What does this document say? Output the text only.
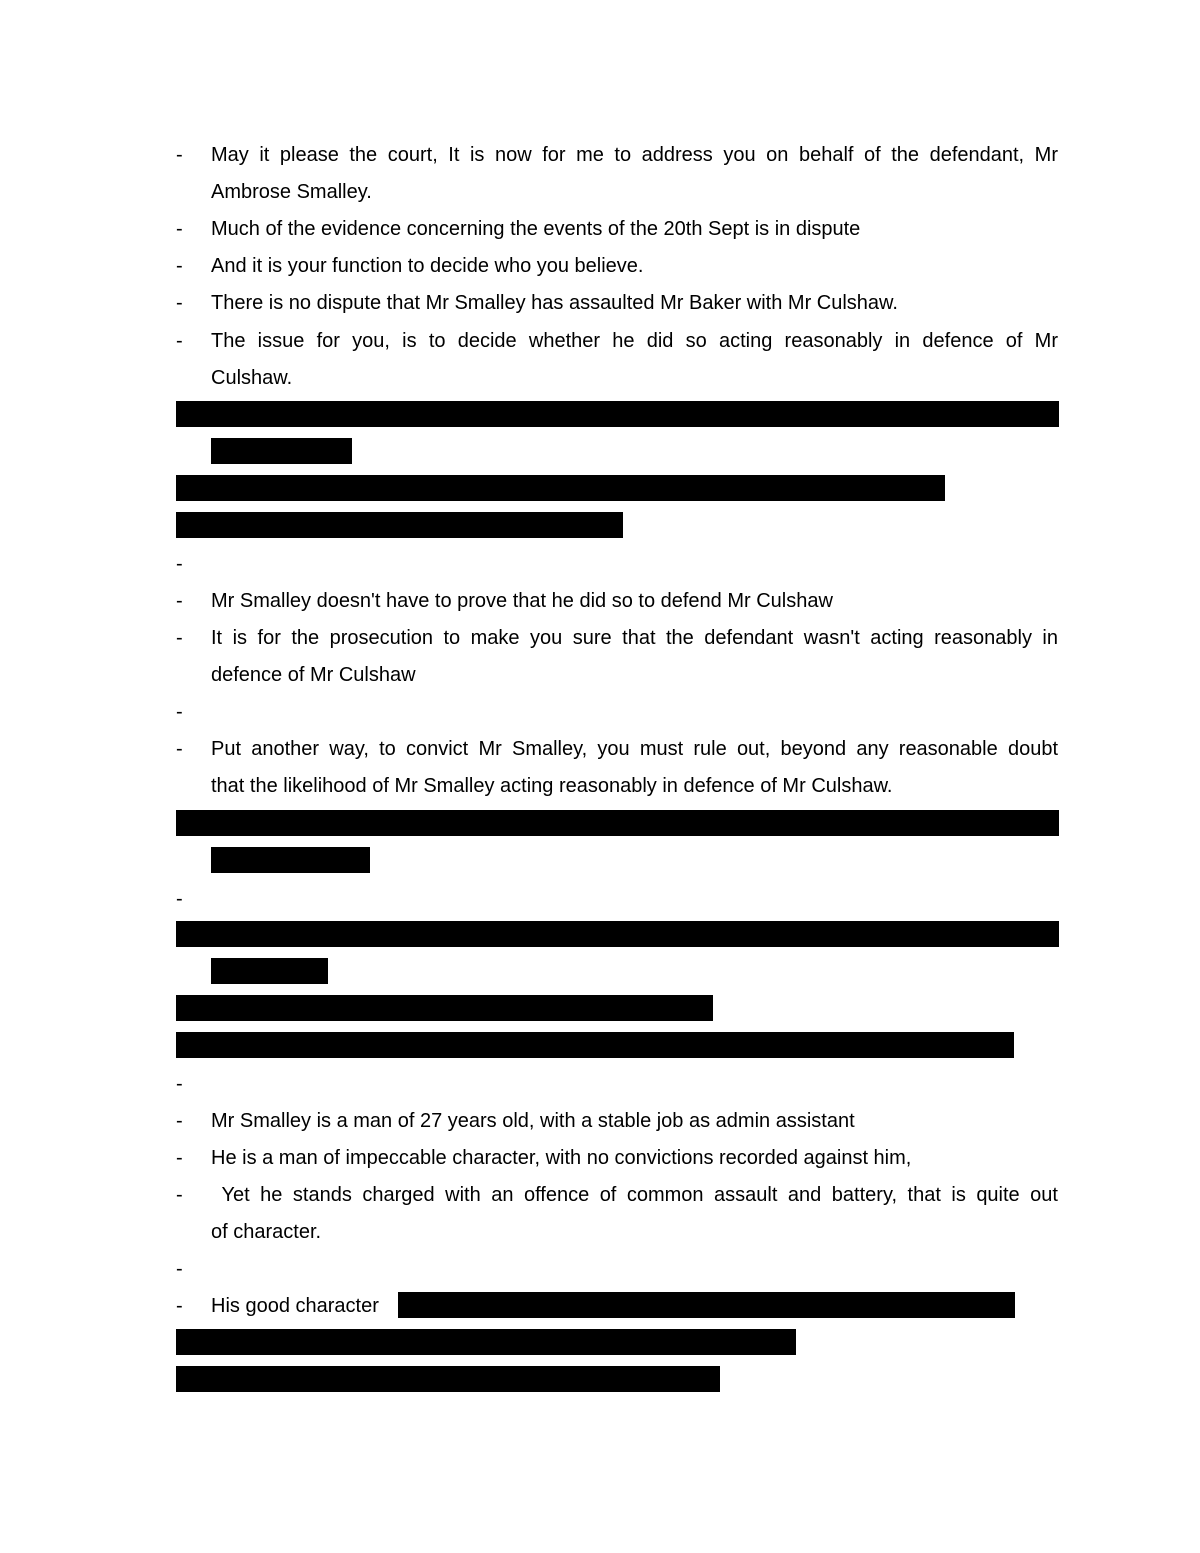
- May it please the court, It is now for me to address you on behalf of the defendant, Mr
Ambrose Smalley.
- Much of the evidence concerning the events of the 20th Sept is in dispute
- And it is your function to decide who you believe.
- There is no dispute that Mr Smalley has assaulted Mr Baker with Mr Culshaw.
- The issue for you, is to decide whether he did so acting reasonably in defence of Mr
Culshaw.
-
- Mr Smalley doesn't have to prove that he did so to defend Mr Culshaw
- It is for the prosecution to make you sure that the defendant wasn't acting reasonably in
defence of Mr Culshaw
-
- Put another way, to convict Mr Smalley, you must rule out, beyond any reasonable doubt
that the likelihood of Mr Smalley acting reasonably in defence of Mr Culshaw.
-
-
- Mr Smalley is a man of 27 years old, with a stable job as admin assistant
- He is a man of impeccable character, with no convictions recorded against him,
- Yet he stands charged with an offence of common assault and battery, that is quite out
of character.
-
- His good character
